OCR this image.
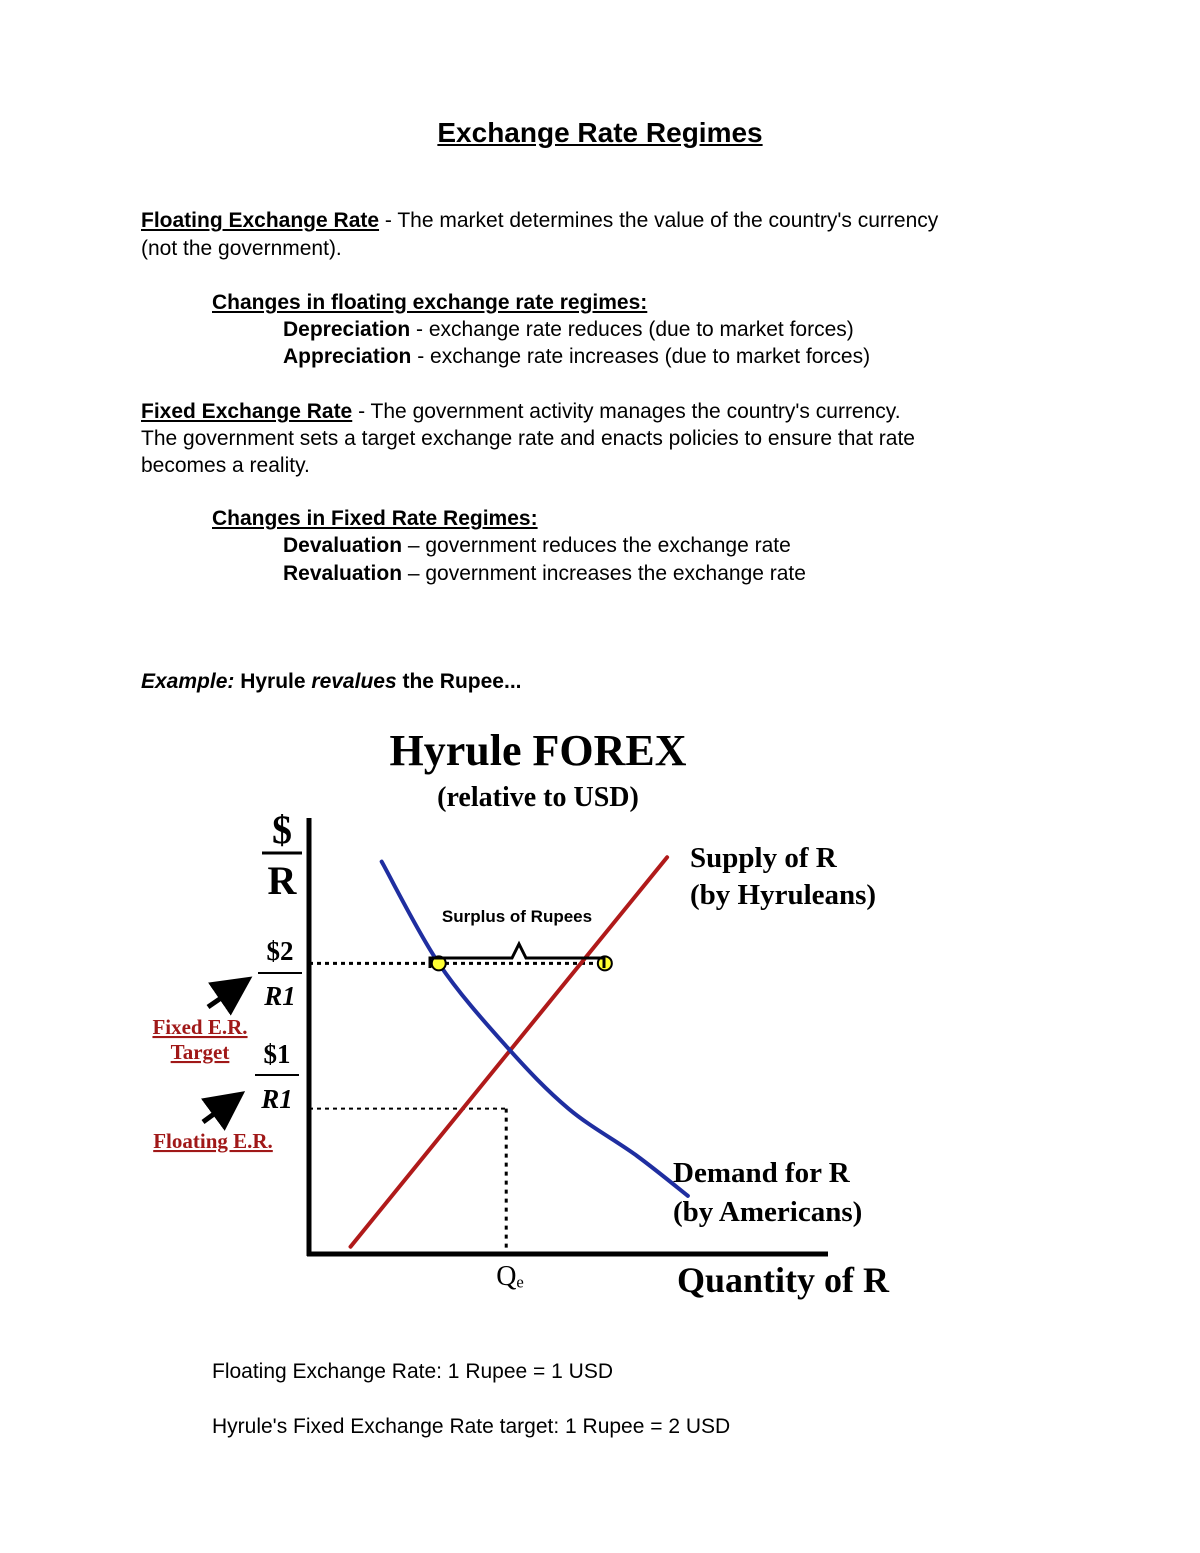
Exchange Rate Regimes
Floating Exchange Rate - The market determines the value of the country's currency
(not the government).
Changes in floating exchange rate regimes:
Depreciation - exchange rate reduces (due to market forces)
Appreciation - exchange rate increases (due to market forces)
Fixed Exchange Rate - The government activity manages the country's currency.
The government sets a target exchange rate and enacts policies to ensure that rate
becomes a reality.
Changes in Fixed Rate Regimes:
Devaluation – government reduces the exchange rate
Revaluation – government increases the exchange rate
Example: Hyrule revalues the Rupee...
Hyrule FOREX
(relative to USD)
$
R
Qₑ	Quantity of R
Supply of R
(by Hyruleans)
Demand for R
(by Americans)
Surplus of Rupees
$2
R1
$1
R1
Fixed E.R.
Target
Floating E.R.
Floating Exchange Rate: 1 Rupee = 1 USD
Hyrule's Fixed Exchange Rate target: 1 Rupee = 2 USD
